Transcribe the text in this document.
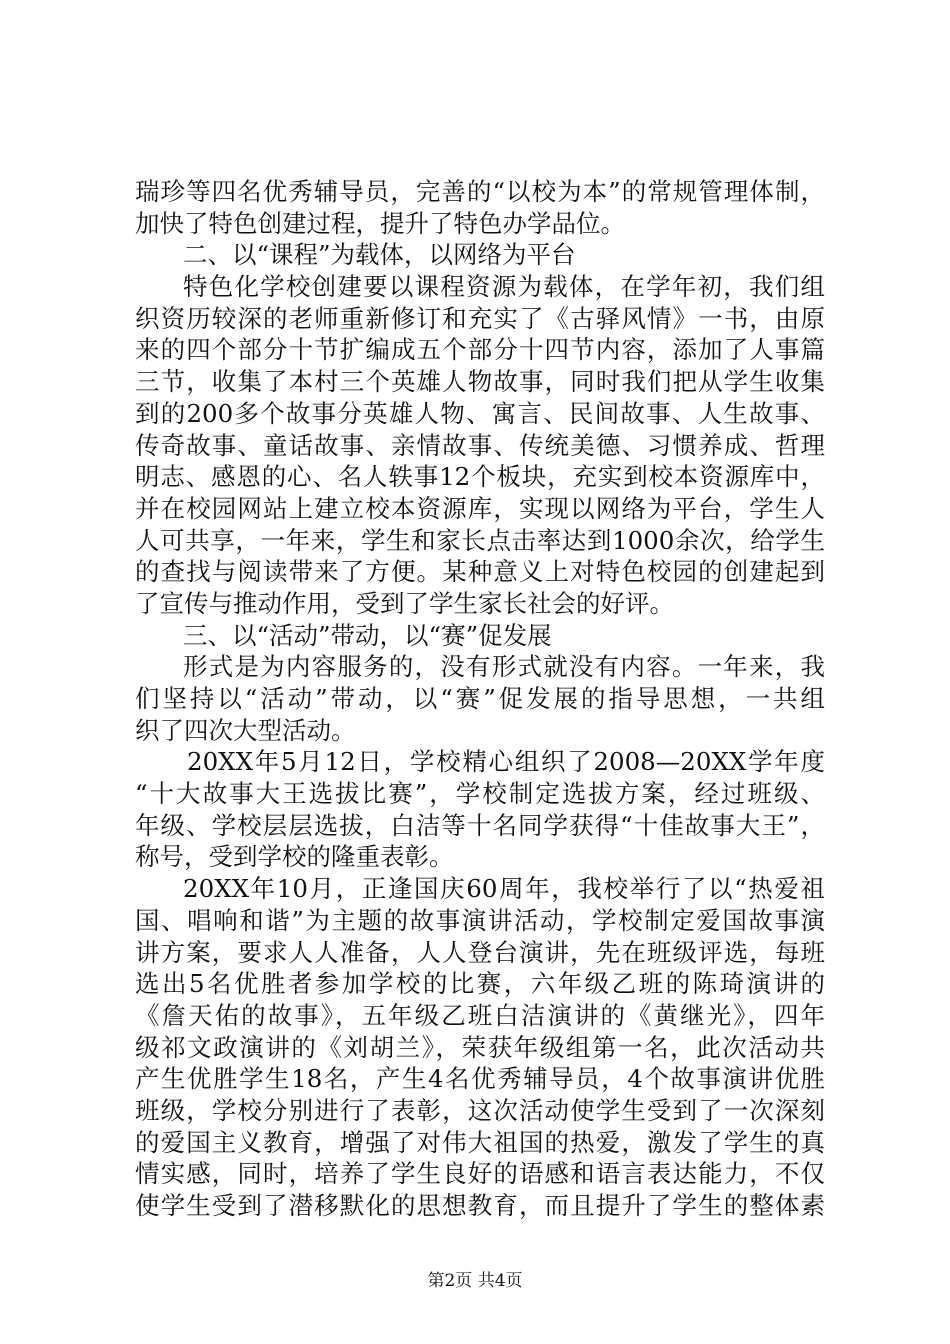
瑞珍等四名优秀辅导员，完善的“以校为本”的常规管理体制，
加快了特色创建过程，提升了特色办学品位。
二、以“课程”为载体，以网络为平台
特色化学校创建要以课程资源为载体，在学年初，我们组
织资历较深的老师重新修订和充实了《古驿风情》一书，由原
来的四个部分十节扩编成五个部分十四节内容，添加了人事篇
三节，收集了本村三个英雄人物故事，同时我们把从学生收集
到的200多个故事分英雄人物、寓言、民间故事、人生故事、
传奇故事、童话故事、亲情故事、传统美德、习惯养成、哲理
明志、感恩的心、名人轶事12个板块，充实到校本资源库中，
并在校园网站上建立校本资源库，实现以网络为平台，学生人
人可共享，一年来，学生和家长点击率达到1000余次，给学生
的查找与阅读带来了方便。某种意义上对特色校园的创建起到
了宣传与推动作用，受到了学生家长社会的好评。
三、以“活动”带动，以“赛”促发展
形式是为内容服务的，没有形式就没有内容。一年来，我
们坚持以“活动”带动，以“赛”促发展的指导思想，一共组
织了四次大型活动。
20XX年5月12日，学校精心组织了2008—20XX学年度
“十大故事大王选拔比赛”，学校制定选拔方案，经过班级、
年级、学校层层选拔，白洁等十名同学获得“十佳故事大王”，
称号，受到学校的隆重表彰。
20XX年10月，正逢国庆60周年，我校举行了以“热爱祖
国、唱响和谐”为主题的故事演讲活动，学校制定爱国故事演
讲方案，要求人人准备，人人登台演讲，先在班级评选，每班
选出5名优胜者参加学校的比赛，六年级乙班的陈琦演讲的
《詹天佑的故事》，五年级乙班白洁演讲的《黄继光》，四年
级祁文政演讲的《刘胡兰》，荣获年级组第一名，此次活动共
产生优胜学生18名，产生4名优秀辅导员，4个故事演讲优胜
班级，学校分别进行了表彰，这次活动使学生受到了一次深刻
的爱国主义教育，增强了对伟大祖国的热爱，激发了学生的真
情实感，同时，培养了学生良好的语感和语言表达能力，不仅
使学生受到了潜移默化的思想教育，而且提升了学生的整体素
第2页 共4页
